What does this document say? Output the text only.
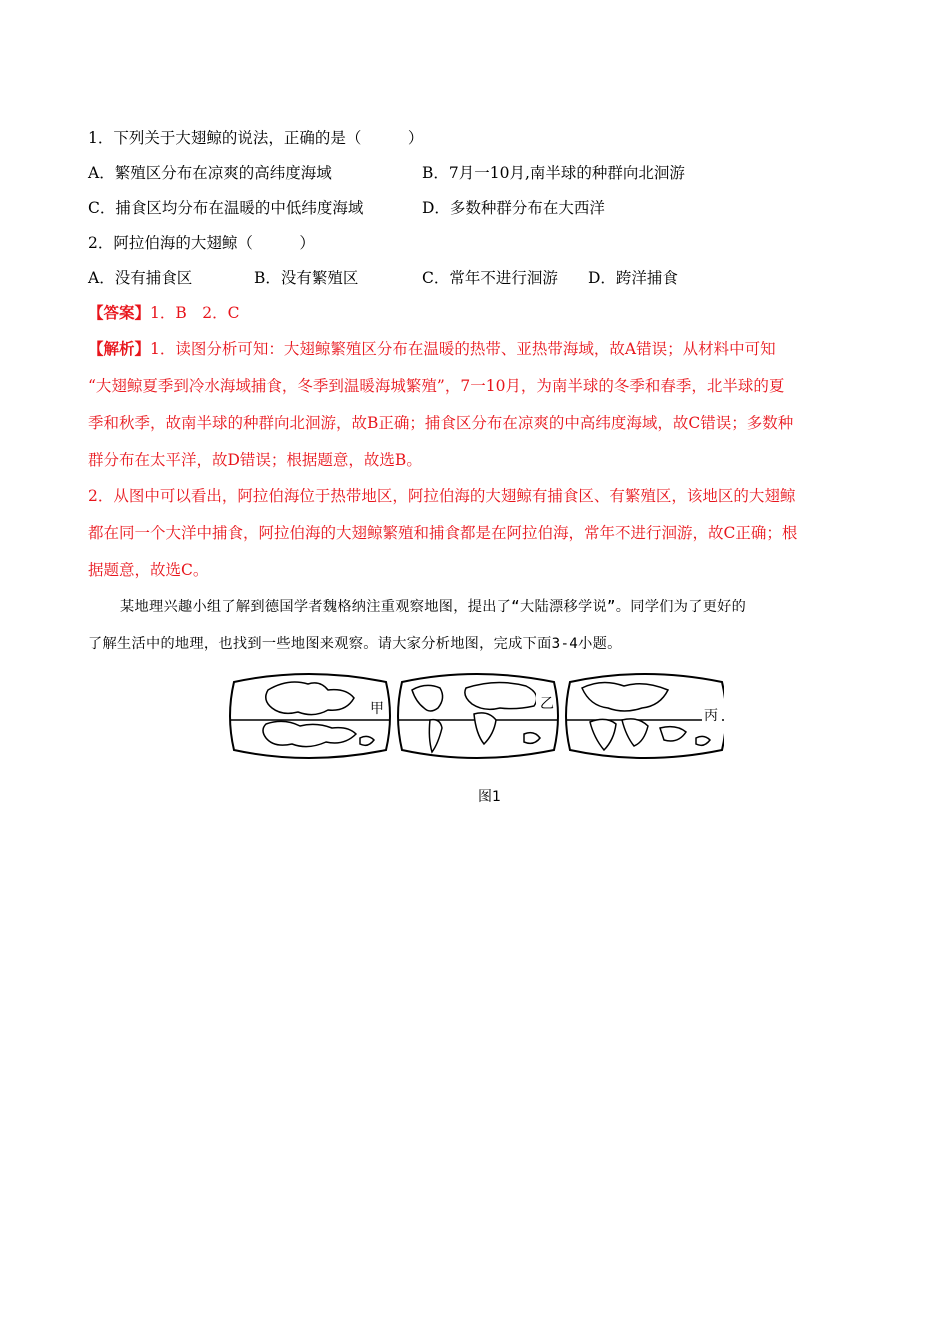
1．下列关于大翅鲸的说法，正确的是（　　　）
A．繁殖区分布在凉爽的高纬度海域	B．7月一10月,南半球的种群向北洄游
C．捕食区均分布在温暖的中低纬度海域	D．多数种群分布在大西洋
2．阿拉伯海的大翅鲸（　　　）
A．没有捕食区	B．没有繁殖区	C．常年不进行洄游 D．跨洋捕食
【答案】1．B　2．C
【解析】1．读图分析可知：大翅鲸繁殖区分布在温暖的热带、亚热带海域，故A错误；从材料中可知
“大翅鲸夏季到冷水海域捕食，冬季到温暖海城繁殖”，7一10月，为南半球的冬季和春季，北半球的夏
季和秋季，故南半球的种群向北洄游，故B正确；捕食区分布在凉爽的中高纬度海域，故C错误；多数种
群分布在太平洋，故D错误；根据题意，故选B。
2．从图中可以看出，阿拉伯海位于热带地区，阿拉伯海的大翅鲸有捕食区、有繁殖区，该地区的大翅鲸
都在同一个大洋中捕食，阿拉伯海的大翅鲸繁殖和捕食都是在阿拉伯海，常年不进行洄游，故C正确；根
据题意，故选C。
某地理兴趣小组了解到德国学者魏格纳注重观察地图，提出了“大陆漂移学说”。同学们为了更好的
了解生活中的地理，也找到一些地图来观察。请大家分析地图，完成下面3-4小题。
甲	乙
丙
图1
